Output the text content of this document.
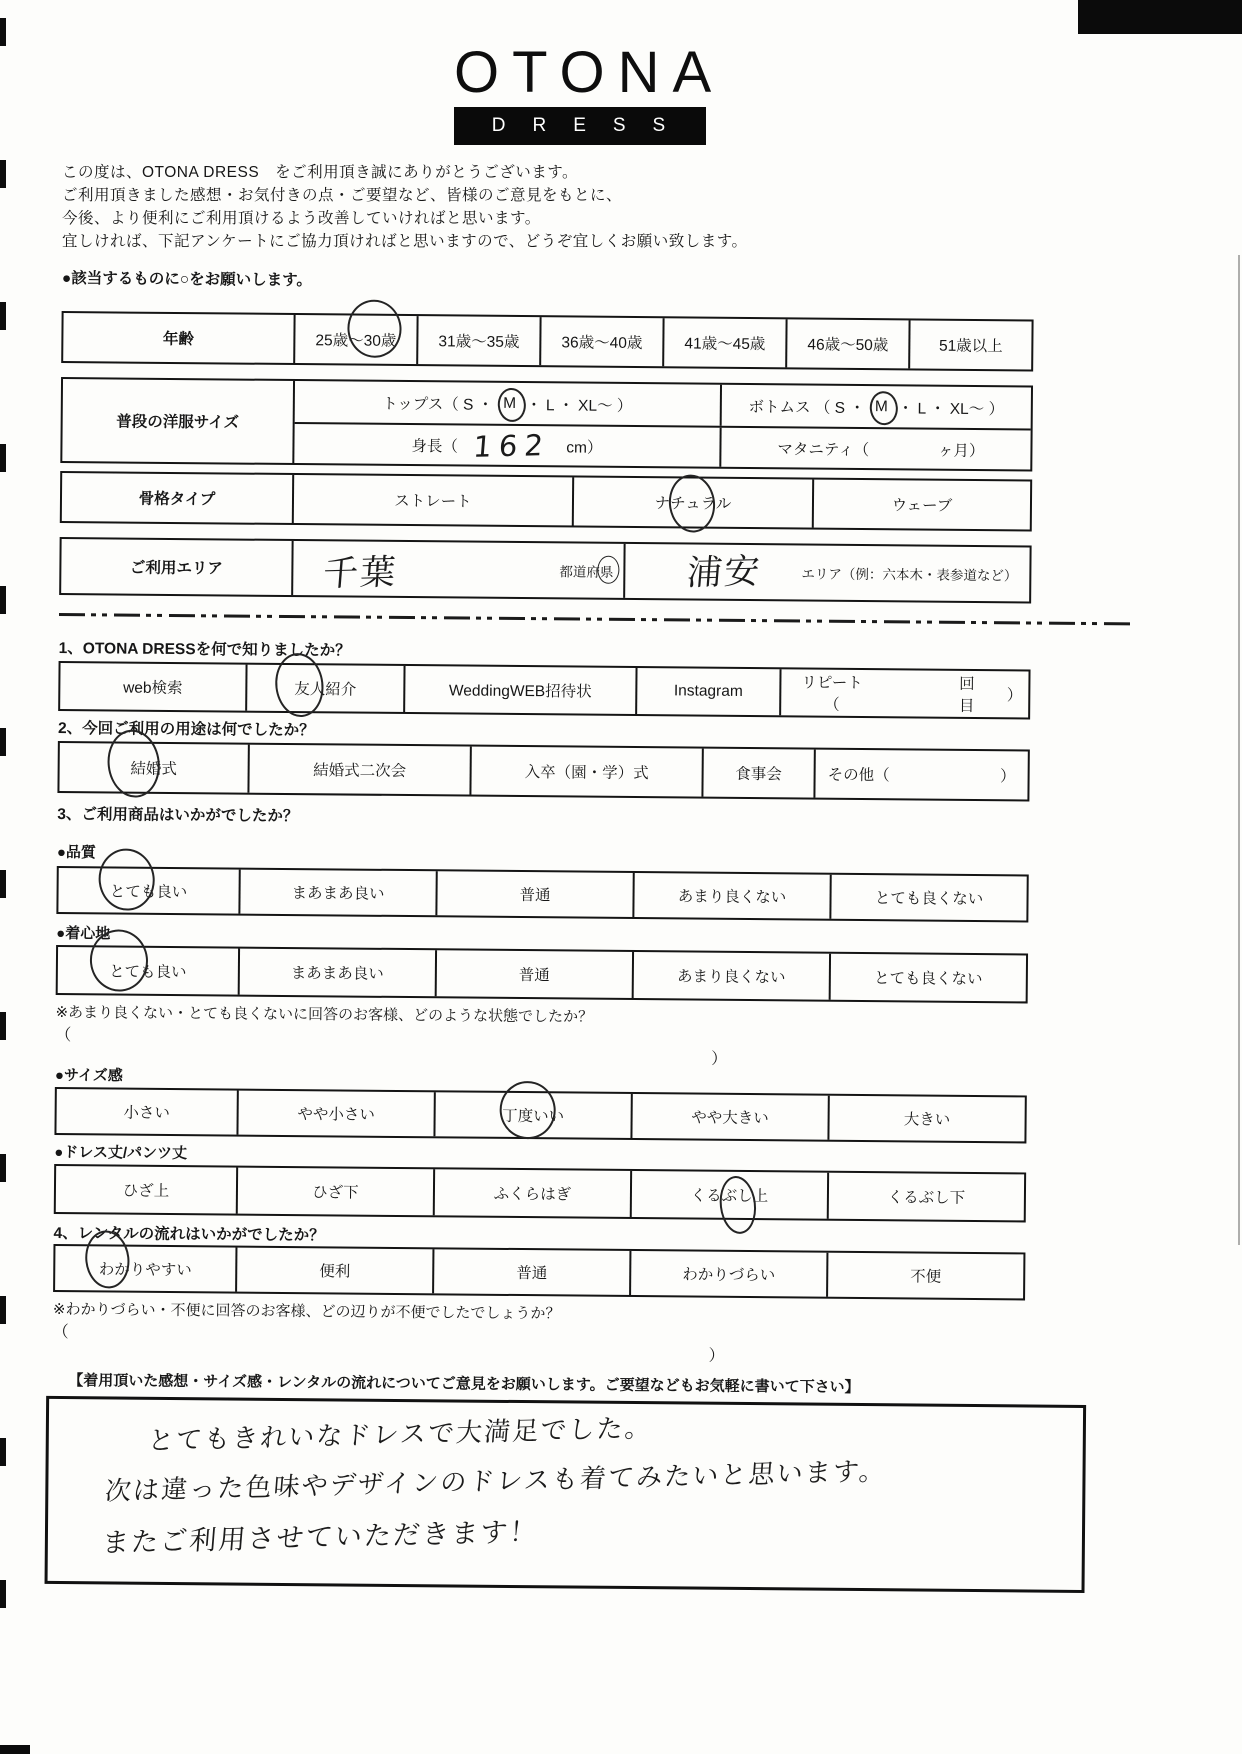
OTONA
DRESS
この度は、OTONA DRESS　をご利用頂き誠にありがとうございます。
ご利用頂きました感想・お気付きの点・ご要望など、皆様のご意見をもとに、
今後、より便利にご利用頂けるよう改善していければと思います。
宜しければ、下記アンケートにご協力頂ければと思いますので、どうぞ宜しくお願い致します。
●該当するものに○をお願いします。
年齢	25歳～30歳	31歳～35歳	36歳～40歳	41歳～45歳	46歳～50歳	51歳以上
普段の洋服サイズ
トップス（ S ・ M ・ L ・ XL～ ）	ボトムス （ S ・ M ・ L ・ XL～ ）
身長（ 162 cm）	マタニティ（	ヶ月）
骨格タイプ	ストレート	ナチュラル	ウェーブ
ご利用エリア	千葉	都道府県 浦安	エリア（例：六本木・表参道など）
1、OTONA DRESSを何で知りましたか？
web検索	友人紹介	WeddingWEB招待状	Instagram	リピート（
回目
）
2、今回ご利用の用途は何でしたか？
結婚式	結婚式二次会	入卒（園・学）式	食事会	その他（	）
3、ご利用商品はいかがでしたか？
●品質
とても良い	まあまあ良い	普通	あまり良くない	とても良くない
●着心地
とても良い	まあまあ良い	普通	あまり良くない	とても良くない
※あまり良くない・とても良くないに回答のお客様、どのような状態でしたか？
（
）
●サイズ感
小さい	やや小さい	丁度いい	やや大きい	大きい
●ドレス丈/パンツ丈
ひざ上	ひざ下	ふくらはぎ	くるぶし上	くるぶし下
4、レンタルの流れはいかがでしたか？
わかりやすい	便利	普通	わかりづらい	不便
※わかりづらい・不便に回答のお客様、どの辺りが不便でしたでしょうか？
（
）
【着用頂いた感想・サイズ感・レンタルの流れについてご意見をお願いします。ご要望などもお気軽に書いて下さい】
とてもきれいなドレスで大満足でした。
次は違った色味やデザインのドレスも着てみたいと思います。
またご利用させていただきます！
